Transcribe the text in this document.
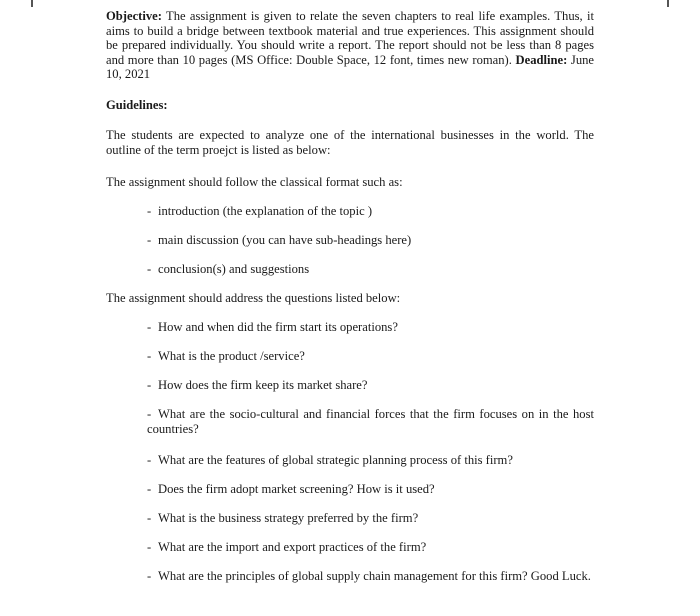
Objective: The assignment is given to relate the seven chapters to real life examples. Thus, it aims to build a bridge between textbook material and true experiences. This assignment should be prepared individually. You should write a report. The report should not be less than 8 pages and more than 10 pages (MS Office: Double Space, 12 font, times new roman). Deadline: June 10, 2021

Guidelines:

The students are expected to analyze one of the international businesses in the world. The outline of the term proejct is listed as below:

The assignment should follow the classical format such as:

- introduction (the explanation of the topic )
- main discussion (you can have sub-headings here)
- conclusion(s) and suggestions

The assignment should address the questions listed below:

- How and when did the firm start its operations?
- What is the product /service?
- How does the firm keep its market share?
- What are the socio-cultural and financial forces that the firm focuses on in the host countries?
- What are the features of global strategic planning process of this firm?
- Does the firm adopt market screening? How is it used?
- What is the business strategy preferred by the firm?
- What are the import and export practices of the firm?
- What are the principles of global supply chain management for this firm? Good Luck.
